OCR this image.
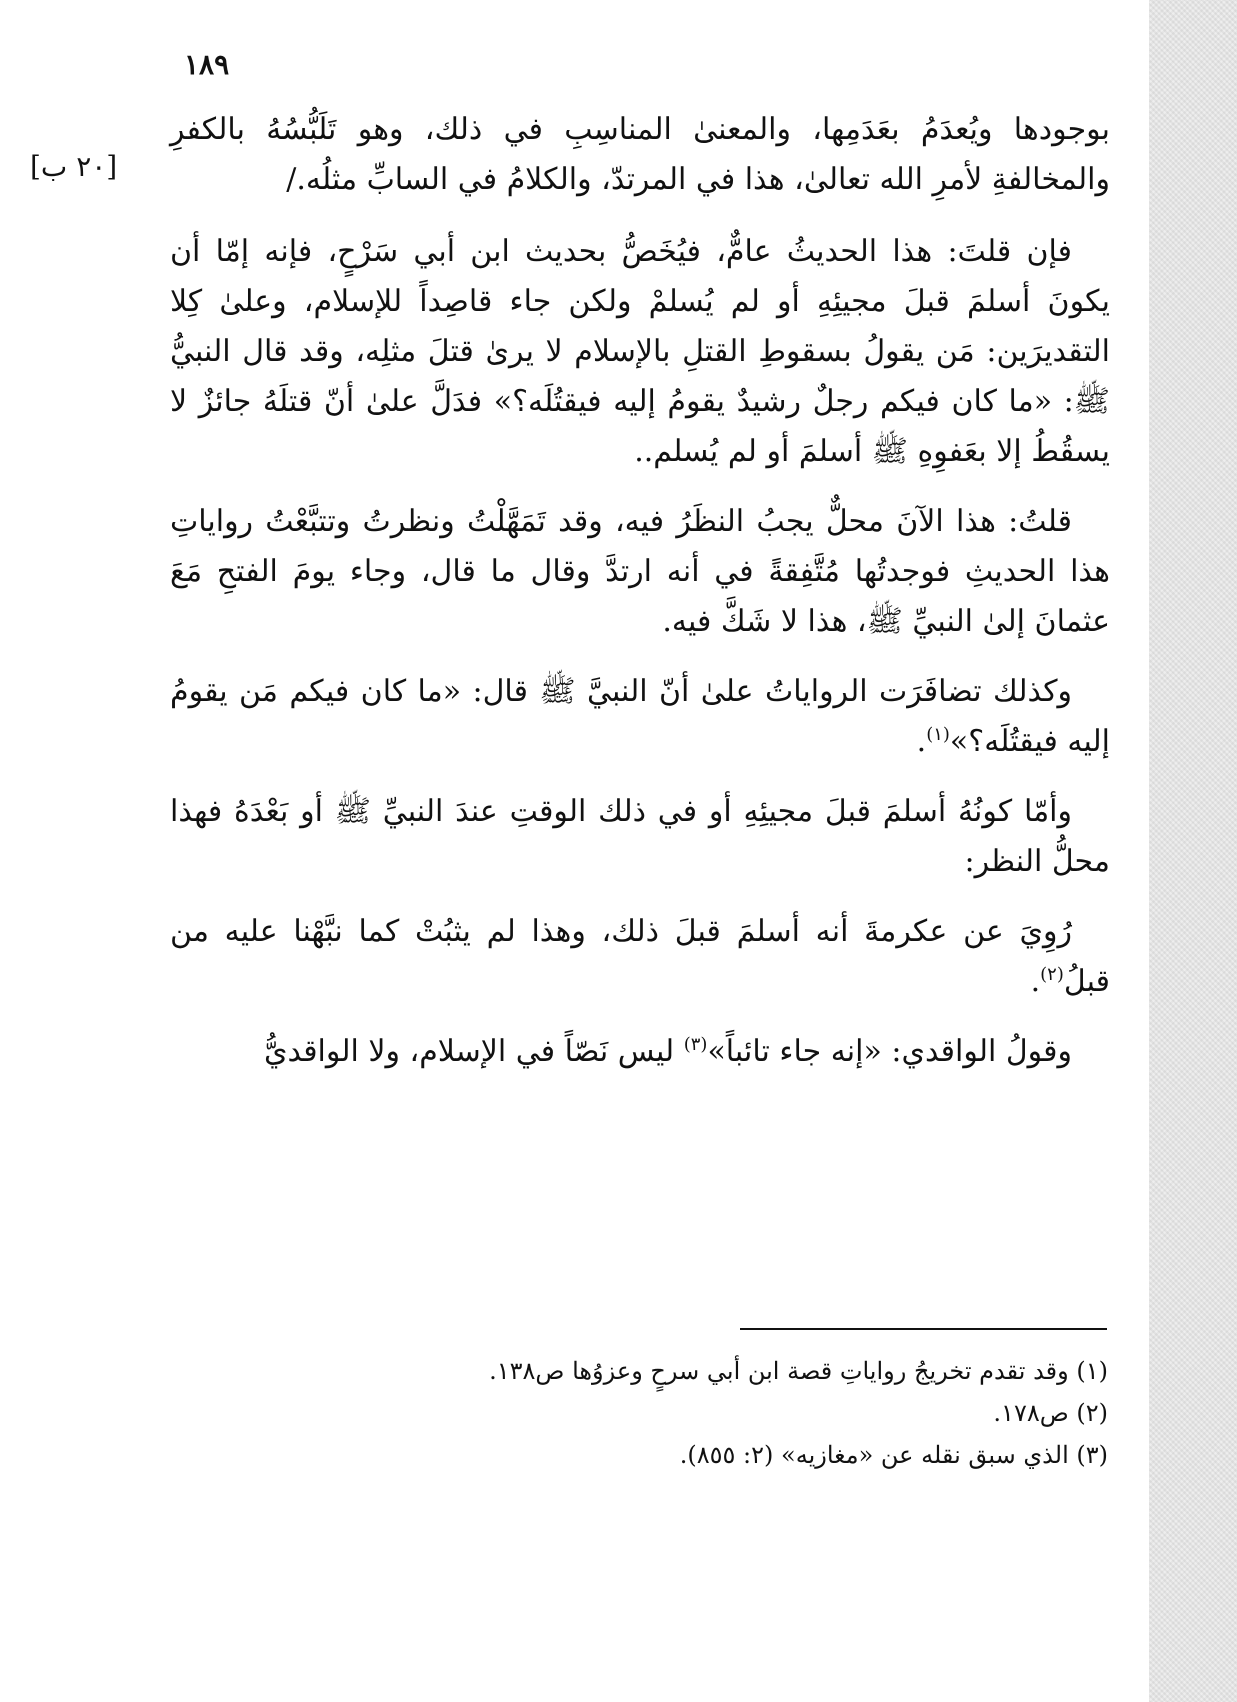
١٨٩
[٢٠ ب]

بوجودها ويُعدَمُ بعَدَمِها، والمعنىٰ المناسِبِ في ذلك، وهو تَلَبُّسُهُ بالكفرِ والمخالفةِ لأمرِ الله تعالىٰ، هذا في المرتدّ، والكلامُ في السابِّ مثلُه./

فإن قلتَ: هذا الحديثُ عامٌّ، فيُخَصُّ بحديث ابن أبي سَرْحٍ، فإنه إمّا أن يكونَ أسلمَ قبلَ مجيئِهِ أو لم يُسلمْ ولكن جاء قاصِداً للإسلام، وعلىٰ كِلا التقديرَين: مَن يقولُ بسقوطِ القتلِ بالإسلام لا يرىٰ قتلَ مثلِه، وقد قال النبيُّ ﷺ: «ما كان فيكم رجلٌ رشيدٌ يقومُ إليه فيقتُلَه؟» فدَلَّ علىٰ أنّ قتلَهُ جائزٌ لا يسقُطُ إلا بعَفوِهِ ﷺ أسلمَ أو لم يُسلم..

قلتُ: هذا الآنَ محلٌّ يجبُ النظَرُ فيه، وقد تَمَهَّلْتُ ونظرتُ وتتبَّعْتُ رواياتِ هذا الحديثِ فوجدتُها مُتَّفِقةً في أنه ارتدَّ وقال ما قال، وجاء يومَ الفتحِ مَعَ عثمانَ إلىٰ النبيِّ ﷺ، هذا لا شَكَّ فيه.

وكذلك تضافَرَت الرواياتُ علىٰ أنّ النبيَّ ﷺ قال: «ما كان فيكم مَن يقومُ إليه فيقتُلَه؟»$^{(١)}$.

وأمّا كونُهُ أسلمَ قبلَ مجيئِهِ أو في ذلك الوقتِ عندَ النبيِّ ﷺ أو بَعْدَهُ فهذا محلُّ النظر:

رُوِيَ عن عكرمةَ أنه أسلمَ قبلَ ذلك، وهذا لم يثبُتْ كما نبَّهْنا عليه من قبلُ$^{(٢)}$.

وقولُ الواقدي: «إنه جاء تائباً»$^{(٣)}$ ليس نَصّاً في الإسلام، ولا الواقديُّ

(١) وقد تقدم تخريجُ رواياتِ قصة ابن أبي سرحٍ وعزوُها ص١٣٨.

(٢) ص١٧٨.

(٣) الذي سبق نقله عن «مغازيه» (٢: ٨٥٥).
